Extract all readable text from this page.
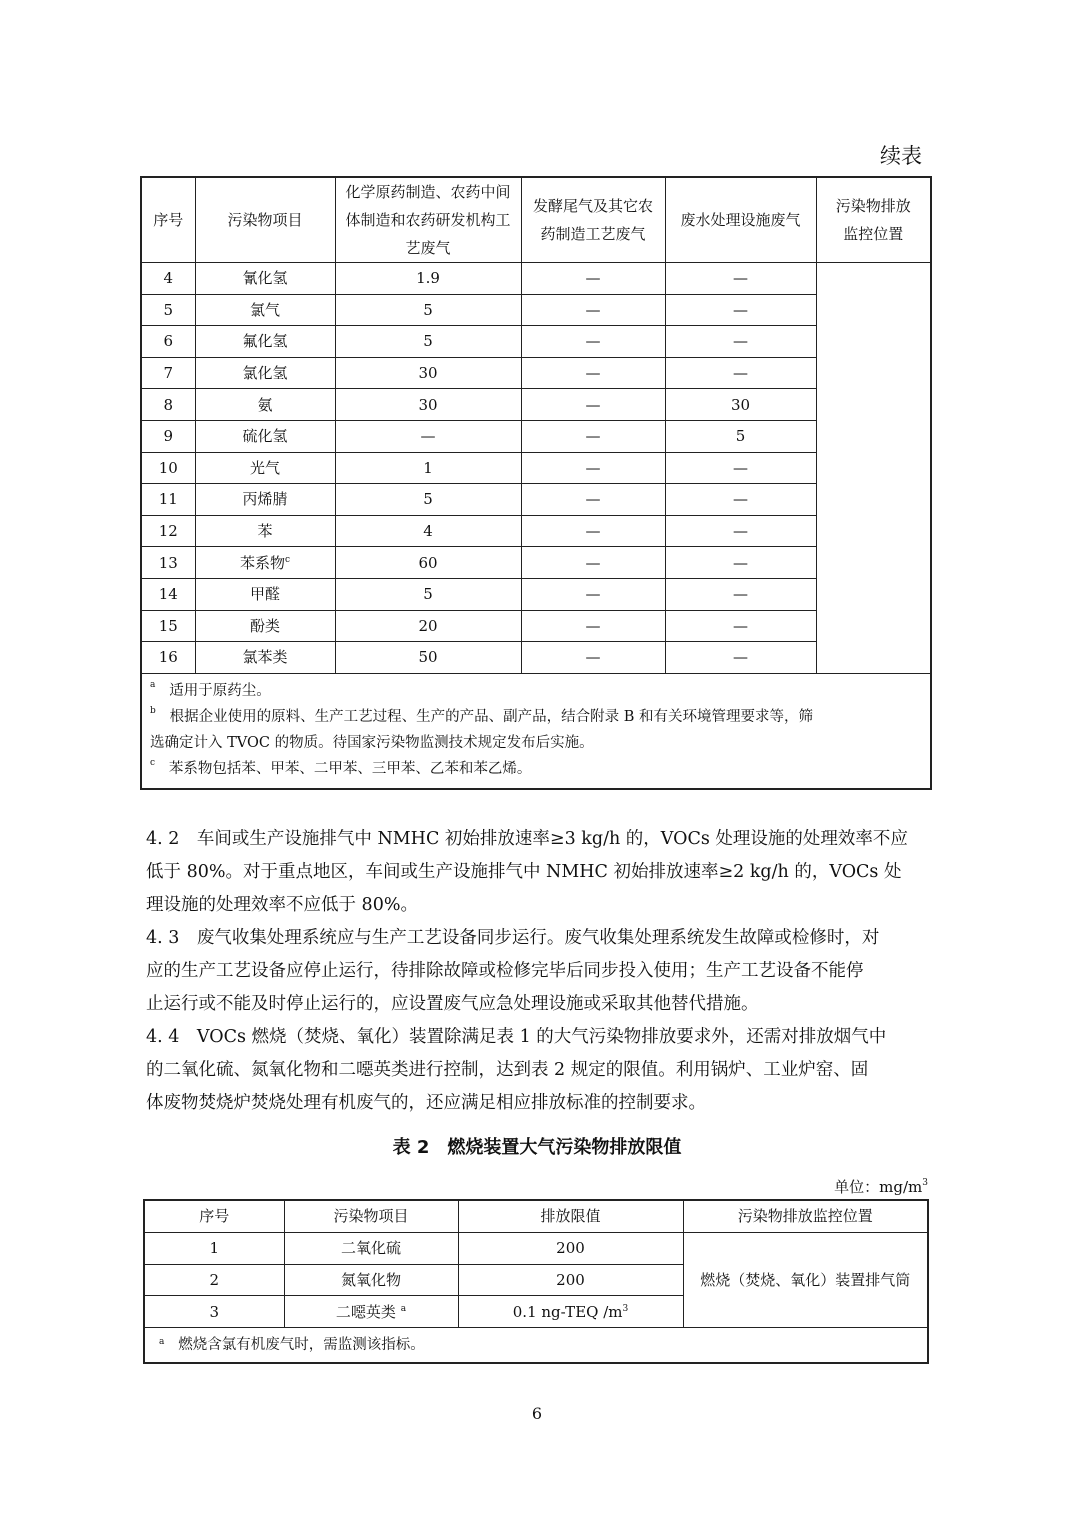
续表
序号	污染物项目	化学原药制造、农药中间体制造和农药研发机构工艺废气	发酵尾气及其它农药制造工艺废气	废水处理设施废气	污染物排放监控位置
4	氰化氢	1.9	—	—	
5	氯气	5	—	—	
6	氟化氢	5	—	—	
7	氯化氢	30	—	—	
8	氨	30	—	30	
9	硫化氢	—	—	5	
10	光气	1	—	—	
11	丙烯腈	5	—	—	
12	苯	4	—	—	
13	苯系物$^c$	60	—	—	
14	甲醛	5	—	—	
15	酚类	20	—	—	
16	氯苯类	50	—	—	

$^a$ 适用于原药尘。
$^b$ 根据企业使用的原料、生产工艺过程、生产的产品、副产品，结合附录 B 和有关环境管理要求等，筛
选确定计入 TVOC 的物质。待国家污染物监测技术规定发布后实施。
$^c$ 苯系物包括苯、甲苯、二甲苯、三甲苯、乙苯和苯乙烯。					

4. 2　车间或生产设施排气中 NMHC 初始排放速率≥3 kg/h 的，VOCs 处理设施的处理效率不应

低于 80%。对于重点地区，车间或生产设施排气中 NMHC 初始排放速率≥2 kg/h 的，VOCs 处

理设施的处理效率不应低于 80%。

4. 3　废气收集处理系统应与生产工艺设备同步运行。废气收集处理系统发生故障或检修时，对

应的生产工艺设备应停止运行，待排除故障或检修完毕后同步投入使用；生产工艺设备不能停

止运行或不能及时停止运行的，应设置废气应急处理设施或采取其他替代措施。

4. 4　VOCs 燃烧（焚烧、氧化）装置除满足表 1 的大气污染物排放要求外，还需对排放烟气中

的二氧化硫、氮氧化物和二噁英类进行控制，达到表 2 规定的限值。利用锅炉、工业炉窑、固

体废物焚烧炉焚烧处理有机废气的，还应满足相应排放标准的控制要求。

表 2　燃烧装置大气污染物排放限值
单位：$mg/m^3$
序号	污染物项目	排放限值	污染物排放监控位置
1	二氧化硫	200	燃烧（焚烧、氧化）装置排气筒
2	氮氧化物	200	
3	二噁英类 $^a$	0.1 ng-TEQ $/m^3$
$^a$ 燃烧含氯有机废气时，需监测该指标。			
6
